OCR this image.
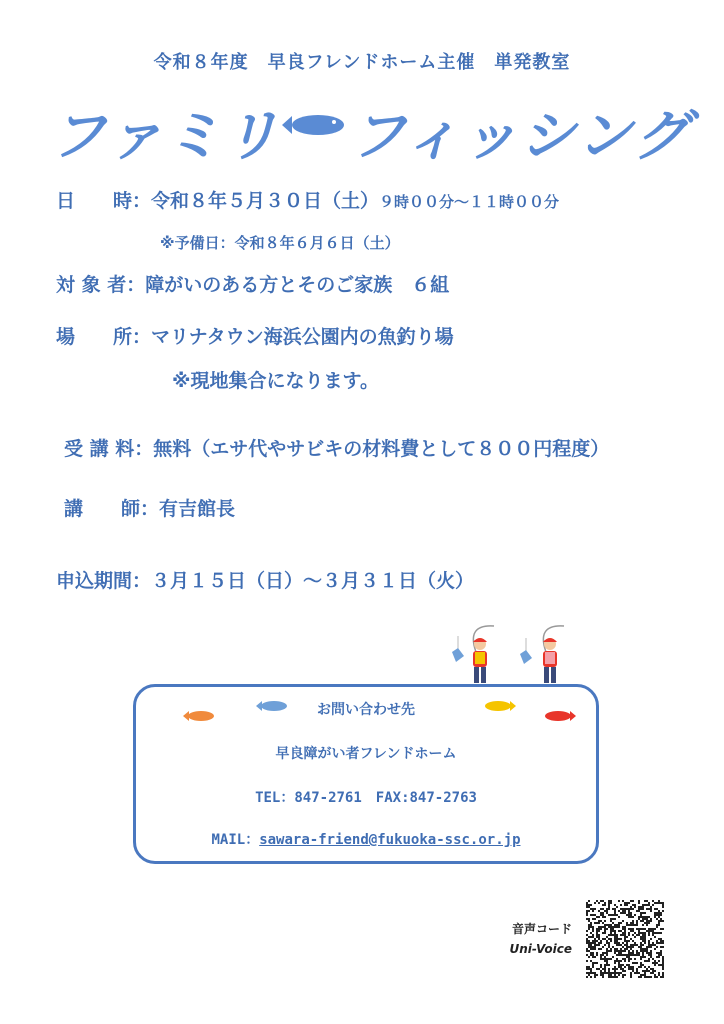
令和８年度　早良フレンドホーム主催　単発教室
ファミリ フィッシング
日　　時：令和８年５月３０日（土）９時００分～１１時００分
※予備日：令和８年６月６日（土）
対 象 者：障がいのある方とそのご家族　６組
場　　所：マリナタウン海浜公園内の魚釣り場
※現地集合になります。
受 講 料：無料（エサ代やサビキの材料費として８００円程度）
講　　師：有吉館長
申込期間：３月１５日（日）～３月３１日（火）
お問い合わせ先
早良障がい者フレンドホーム
TEL：847-2761　FAX:847-2763
MAIL：sawara-friend@fukuoka-ssc.or.jp
音声コード
Uni-Voice
